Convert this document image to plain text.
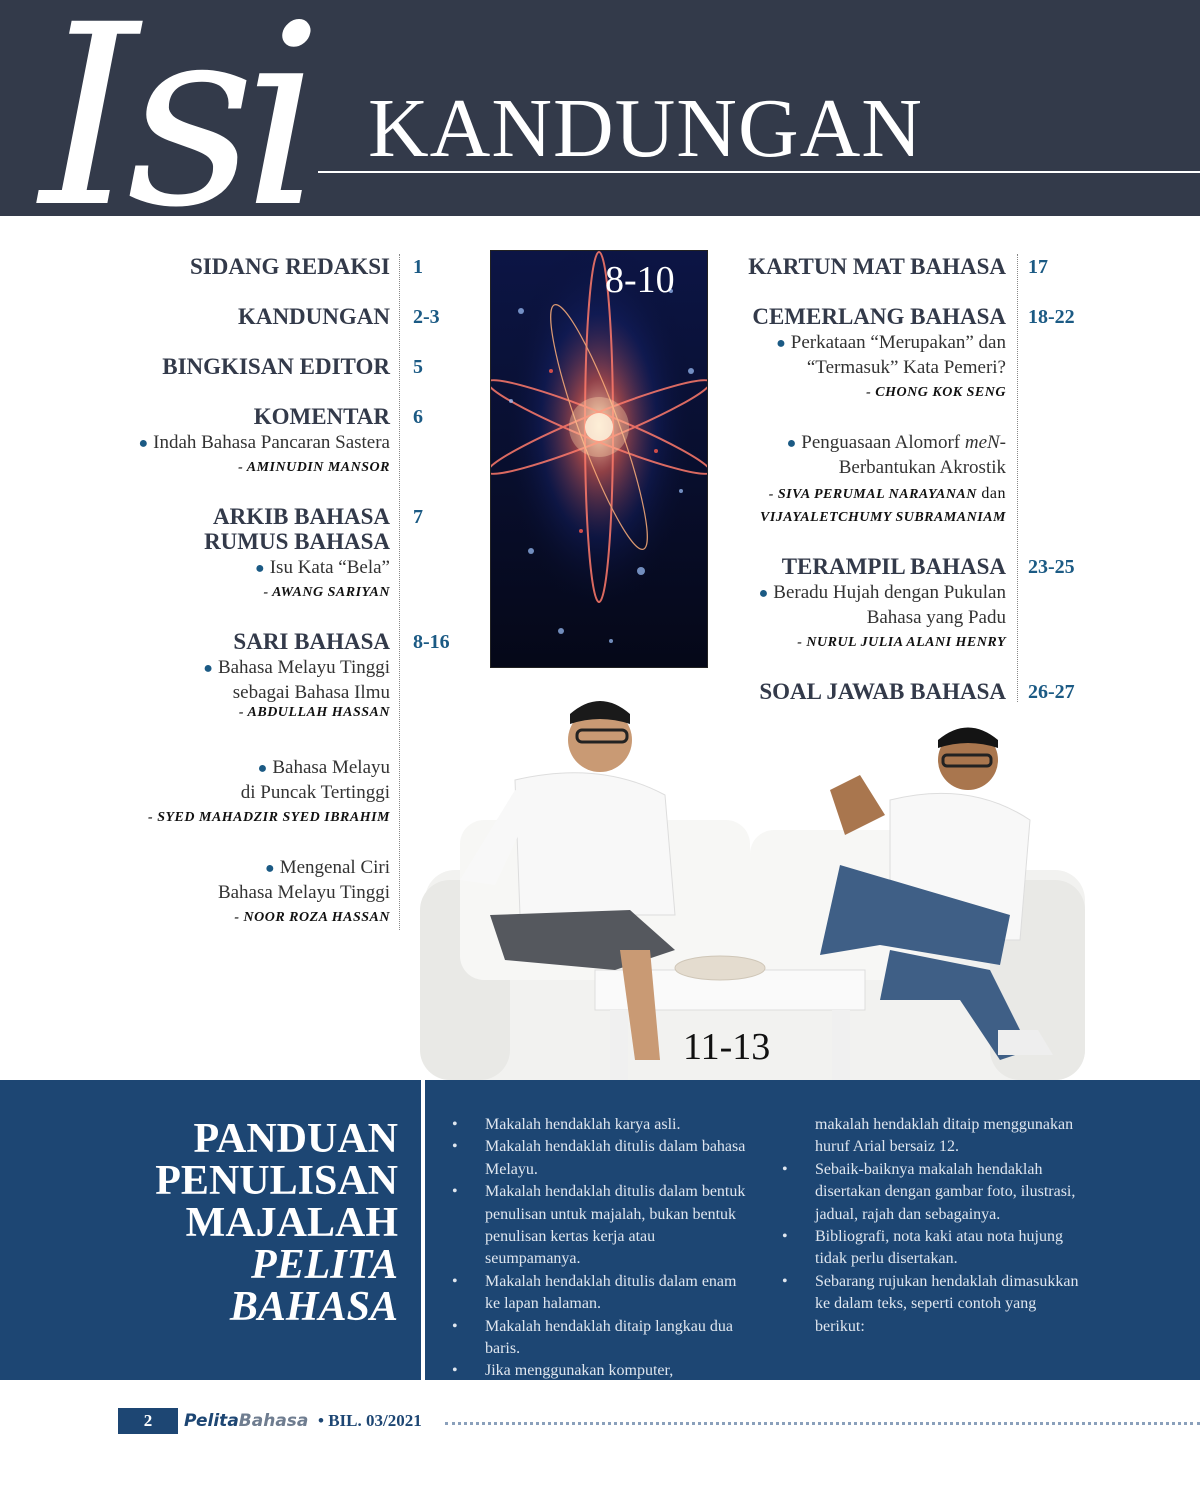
Isi KANDUNGAN
SIDANG REDAKSI
KANDUNGAN
BINGKISAN EDITOR
KOMENTAR
● Indah Bahasa Pancaran Sastera
- AMINUDIN MANSOR
ARKIB BAHASA
RUMUS BAHASA
● Isu Kata “Bela”
- AWANG SARIYAN
SARI BAHASA
● Bahasa Melayu Tinggi
sebagai Bahasa Ilmu
- ABDULLAH HASSAN
● Bahasa Melayu
di Puncak Tertinggi
- SYED MAHADZIR SYED IBRAHIM
● Mengenal Ciri
Bahasa Melayu Tinggi
- NOOR ROZA HASSAN
1
2-3
5
6
7
8-16
8-10	KARTUN MAT BAHASA
CEMERLANG BAHASA
● Perkataan “Merupakan” dan
“Termasuk” Kata Pemeri?
- CHONG KOK SENG
● Penguasaan Alomorf meN-
Berbantukan Akrostik
- SIVA PERUMAL NARAYANAN dan
VIJAYALETCHUMY SUBRAMANIAM
TERAMPIL BAHASA
● Beradu Hujah dengan Pukulan
Bahasa yang Padu
- NURUL JULIA ALANI HENRY
SOAL JAWAB BAHASA
17
18-22
23-25
26-27
11-13
PANDUAN
PENULISAN
MAJALAH
PELITA
BAHASA
• Makalah hendaklah karya asli.
• Makalah hendaklah ditulis dalam bahasa Melayu.
• Makalah hendaklah ditulis dalam bentuk penulisan untuk majalah, bukan bentuk penulisan kertas kerja atau seumpamanya.
• Makalah hendaklah ditulis dalam enam ke lapan halaman.
• Makalah hendaklah ditaip langkau dua baris.
• Jika menggunakan komputer,
makalah hendaklah ditaip menggunakan huruf Arial bersaiz 12.
• Sebaik-baiknya makalah hendaklah disertakan dengan gambar foto, ilustrasi, jadual, rajah dan sebagainya.
• Bibliografi, nota kaki atau nota hujung tidak perlu disertakan.
• Sebarang rujukan hendaklah dimasukkan ke dalam teks, seperti contoh yang berikut:
2	PelitaBahasa • BIL. 03/2021
